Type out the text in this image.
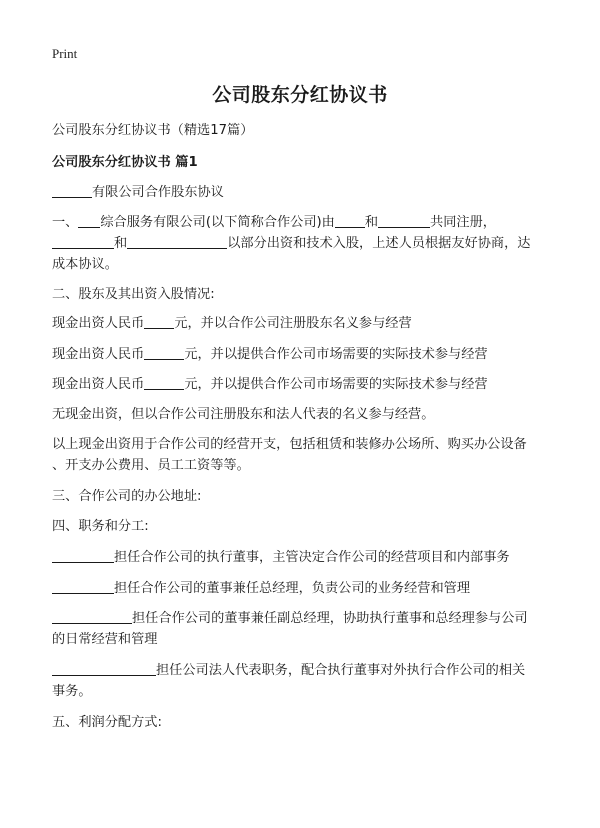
Print
公司股东分红协议书
公司股东分红协议书（精选17篇）
公司股东分红协议书 篇1
有限公司合作股东协议
一、 综合服务有限公司(以下简称合作公司)由 和	共同注册，
和	以部分出资和技术入股，上述人员根据友好协商，达
成本协议。
二、股东及其出资入股情况:
现金出资人民币 元，并以合作公司注册股东名义参与经营
现金出资人民币	元，并以提供合作公司市场需要的实际技术参与经营
现金出资人民币	元，并以提供合作公司市场需要的实际技术参与经营
无现金出资，但以合作公司注册股东和法人代表的名义参与经营。
以上现金出资用于合作公司的经营开支，包括租赁和装修办公场所、购买办公设备
、开支办公费用、员工工资等等。
三、合作公司的办公地址:
四、职务和分工:
担任合作公司的执行董事，主管决定合作公司的经营项目和内部事务
担任合作公司的董事兼任总经理，负责公司的业务经营和管理
担任合作公司的董事兼任副总经理，协助执行董事和总经理参与公司
的日常经营和管理
担任公司法人代表职务，配合执行董事对外执行合作公司的相关
事务。
五、利润分配方式:
